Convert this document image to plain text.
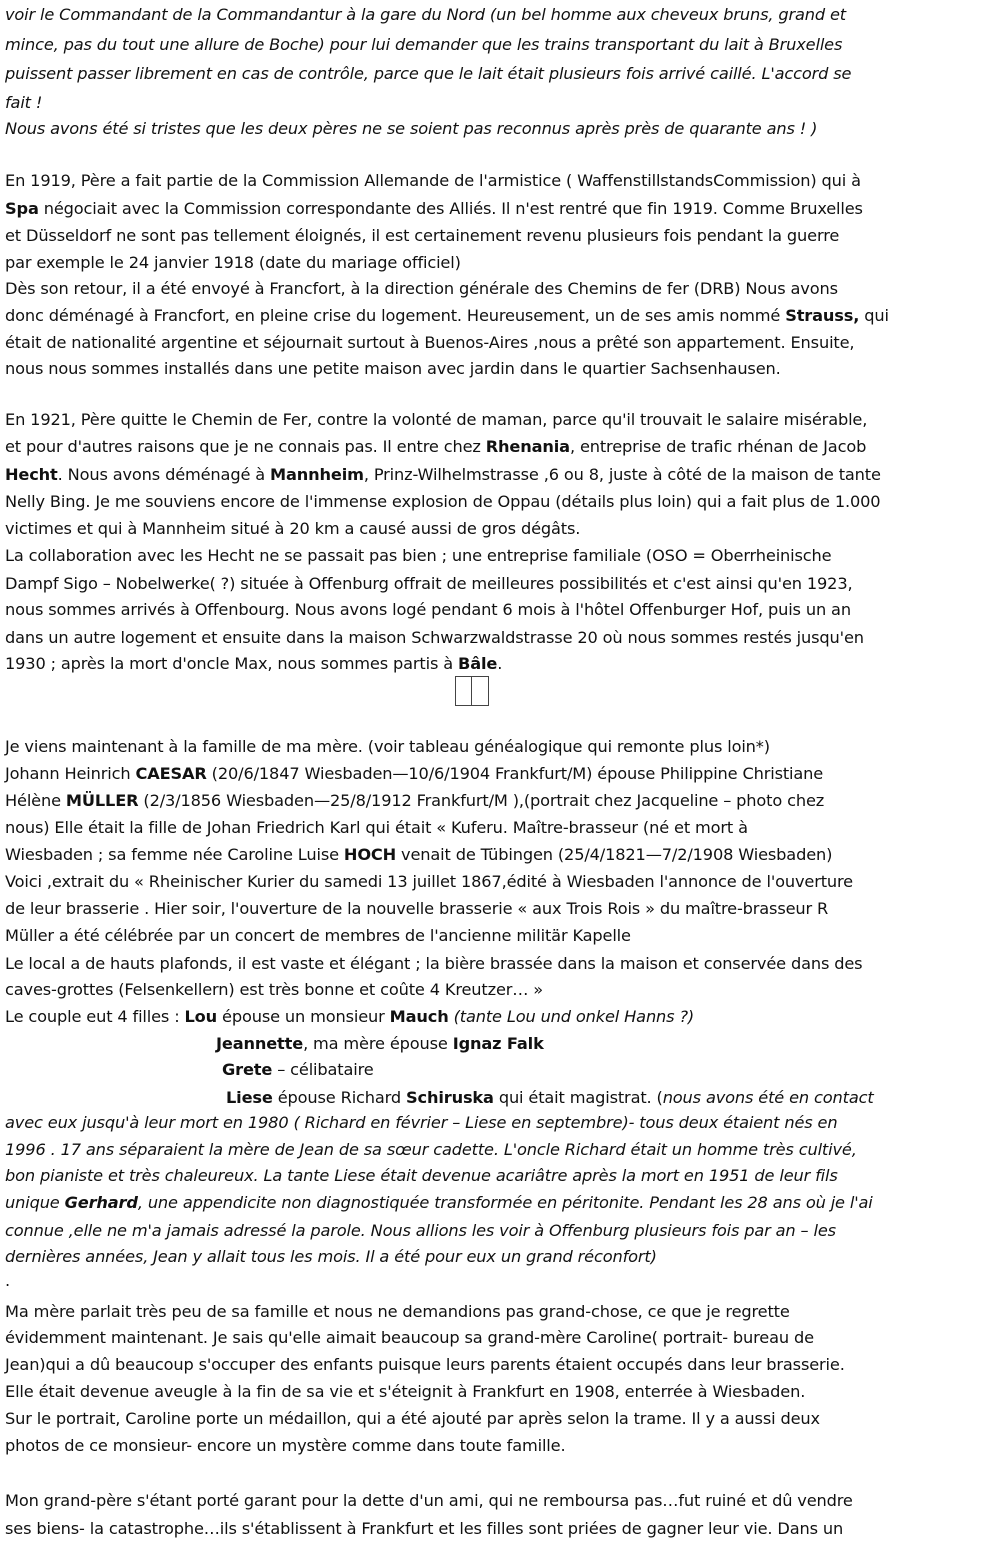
voir le Commandant de la Commandantur à la gare du Nord (un bel homme aux cheveux bruns, grand et
mince, pas du tout une allure de Boche) pour lui demander que les trains transportant du lait à Bruxelles
puissent passer librement en cas de contrôle, parce que le lait était plusieurs fois arrivé caillé. L'accord se
fait !
Nous avons été si tristes que les deux pères ne se soient pas reconnus après près de quarante ans ! )
En 1919, Père a fait partie de la Commission Allemande de l'armistice ( WaffenstillstandsCommission) qui à
Spa négociait avec la Commission correspondante des Alliés. Il n'est rentré que fin 1919. Comme Bruxelles
et Düsseldorf ne sont pas tellement éloignés, il est certainement revenu plusieurs fois pendant la guerre
par exemple le 24 janvier 1918 (date du mariage officiel)
Dès son retour, il a été envoyé à Francfort, à la direction générale des Chemins de fer (DRB) Nous avons
donc déménagé à Francfort, en pleine crise du logement. Heureusement, un de ses amis nommé Strauss, qui
était de nationalité argentine et séjournait surtout à Buenos-Aires ,nous a prêté son appartement. Ensuite,
nous nous sommes installés dans une petite maison avec jardin dans le quartier Sachsenhausen.
En 1921, Père quitte le Chemin de Fer, contre la volonté de maman, parce qu'il trouvait le salaire misérable,
et pour d'autres raisons que je ne connais pas. Il entre chez Rhenania, entreprise de trafic rhénan de Jacob
Hecht. Nous avons déménagé à Mannheim, Prinz-Wilhelmstrasse ,6 ou 8, juste à côté de la maison de tante
Nelly Bing. Je me souviens encore de l'immense explosion de Oppau (détails plus loin) qui a fait plus de 1.000
victimes et qui à Mannheim situé à 20 km a causé aussi de gros dégâts.
La collaboration avec les Hecht ne se passait pas bien ; une entreprise familiale (OSO = Oberrheinische
Dampf Sigo – Nobelwerke( ?) située à Offenburg offrait de meilleures possibilités et c'est ainsi qu'en 1923,
nous sommes arrivés à Offenbourg. Nous avons logé pendant 6 mois à l'hôtel Offenburger Hof, puis un an
dans un autre logement et ensuite dans la maison Schwarzwaldstrasse 20 où nous sommes restés jusqu'en
1930 ; après la mort d'oncle Max, nous sommes partis à Bâle.
Je viens maintenant à la famille de ma mère. (voir tableau généalogique qui remonte plus loin*)
Johann Heinrich CAESAR (20/6/1847 Wiesbaden—10/6/1904 Frankfurt/M) épouse Philippine Christiane
Hélène MÜLLER (2/3/1856 Wiesbaden—25/8/1912 Frankfurt/M ),(portrait chez Jacqueline – photo chez
nous) Elle était la fille de Johan Friedrich Karl qui était « Kuferu. Maître-brasseur (né et mort à
Wiesbaden ; sa femme née Caroline Luise HOCH venait de Tübingen (25/4/1821—7/2/1908 Wiesbaden)
Voici ,extrait du « Rheinischer Kurier du samedi 13 juillet 1867,édité à Wiesbaden l'annonce de l'ouverture
de leur brasserie . Hier soir, l'ouverture de la nouvelle brasserie « aux Trois Rois » du maître-brasseur R
Müller a été célébrée par un concert de membres de l'ancienne militär Kapelle
Le local a de hauts plafonds, il est vaste et élégant ; la bière brassée dans la maison et conservée dans des
caves-grottes (Felsenkellern) est très bonne et coûte 4 Kreutzer… »
Le couple eut 4 filles : Lou épouse un monsieur Mauch (tante Lou und onkel Hanns ?)
Jeannette, ma mère épouse Ignaz Falk
Grete – célibataire
Liese épouse Richard Schiruska qui était magistrat. (nous avons été en contact
avec eux jusqu'à leur mort en 1980 ( Richard en février – Liese en septembre)- tous deux étaient nés en
1996 . 17 ans séparaient la mère de Jean de sa sœur cadette. L'oncle Richard était un homme très cultivé,
bon pianiste et très chaleureux. La tante Liese était devenue acariâtre après la mort en 1951 de leur fils
unique Gerhard, une appendicite non diagnostiquée transformée en péritonite. Pendant les 28 ans où je l'ai
connue ,elle ne m'a jamais adressé la parole. Nous allions les voir à Offenburg plusieurs fois par an – les
dernières années, Jean y allait tous les mois. Il a été pour eux un grand réconfort)
.
Ma mère parlait très peu de sa famille et nous ne demandions pas grand-chose, ce que je regrette
évidemment maintenant. Je sais qu'elle aimait beaucoup sa grand-mère Caroline( portrait- bureau de
Jean)qui a dû beaucoup s'occuper des enfants puisque leurs parents étaient occupés dans leur brasserie.
Elle était devenue aveugle à la fin de sa vie et s'éteignit à Frankfurt en 1908, enterrée à Wiesbaden.
Sur le portrait, Caroline porte un médaillon, qui a été ajouté par après selon la trame. Il y a aussi deux
photos de ce monsieur- encore un mystère comme dans toute famille.
Mon grand-père s'étant porté garant pour la dette d'un ami, qui ne remboursa pas…fut ruiné et dû vendre
ses biens- la catastrophe…ils s'établissent à Frankfurt et les filles sont priées de gagner leur vie. Dans un
